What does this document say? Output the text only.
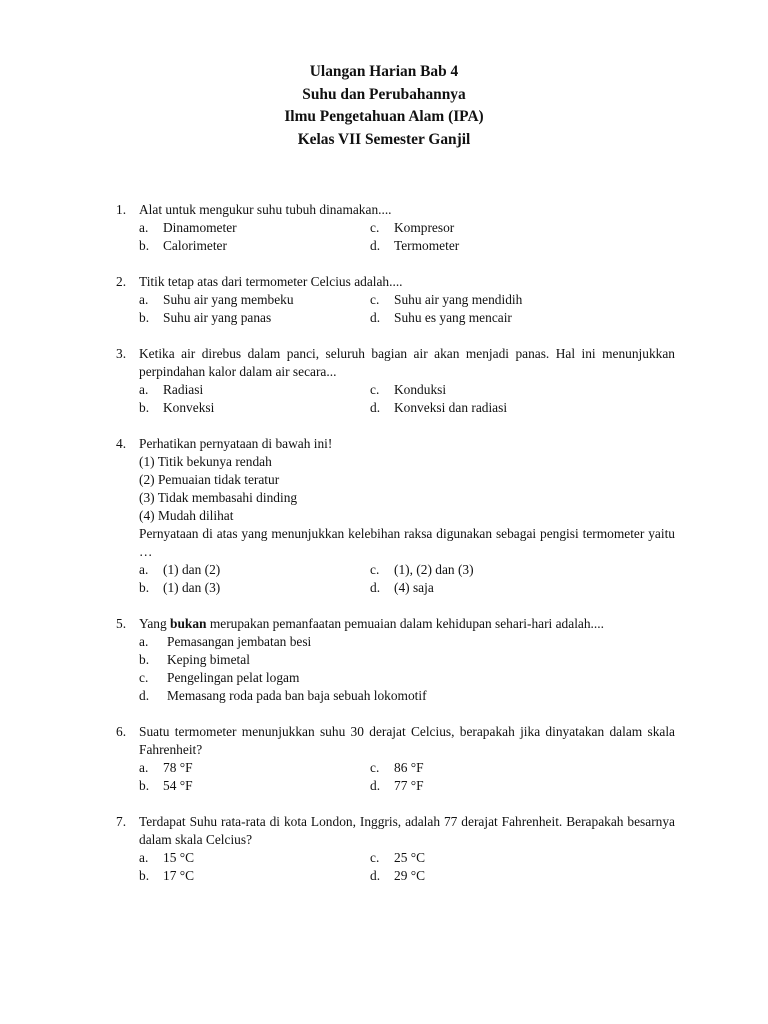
Ulangan Harian Bab 4
Suhu dan Perubahannya
Ilmu Pengetahuan Alam (IPA)
Kelas VII Semester Ganjil
1. Alat untuk mengukur suhu tubuh dinamakan....
a.	Dinamometer	c.	Kompresor
b.	Calorimeter	d.	Termometer
2. Titik tetap atas dari termometer Celcius adalah....
a.	Suhu air yang membeku	c.	Suhu air yang mendidih
b.	Suhu air yang panas	d.	Suhu es yang mencair
3. Ketika air direbus dalam panci, seluruh bagian air akan menjadi panas. Hal ini menunjukkan perpindahan kalor dalam air secara...
a.	Radiasi	c.	Konduksi
b.	Konveksi	d.	Konveksi dan radiasi
4. Perhatikan pernyataan di bawah ini!
(1) Titik bekunya rendah
(2) Pemuaian tidak teratur
(3) Tidak membasahi dinding
(4) Mudah dilihat
Pernyataan di atas yang menunjukkan kelebihan raksa digunakan sebagai pengisi termometer yaitu …
a.	(1) dan (2)	c.	(1), (2) dan (3)
b.	(1) dan (3)	d.	(4) saja
5. Yang bukan merupakan pemanfaatan pemuaian dalam kehidupan sehari-hari adalah....
a.	Pemasangan jembatan besi
b.	Keping bimetal
c.	Pengelingan pelat logam
d.	Memasang roda pada ban baja sebuah lokomotif
6. Suatu termometer menunjukkan suhu 30 derajat Celcius, berapakah jika dinyatakan dalam skala Fahrenheit?
a.	78 °F	c.	86 °F
b.	54 °F	d.	77 °F
7. Terdapat Suhu rata-rata di kota London, Inggris, adalah 77 derajat Fahrenheit. Berapakah besarnya dalam skala Celcius?
a.	15 °C	c.	25 °C
b.	17 °C	d.	29 °C
